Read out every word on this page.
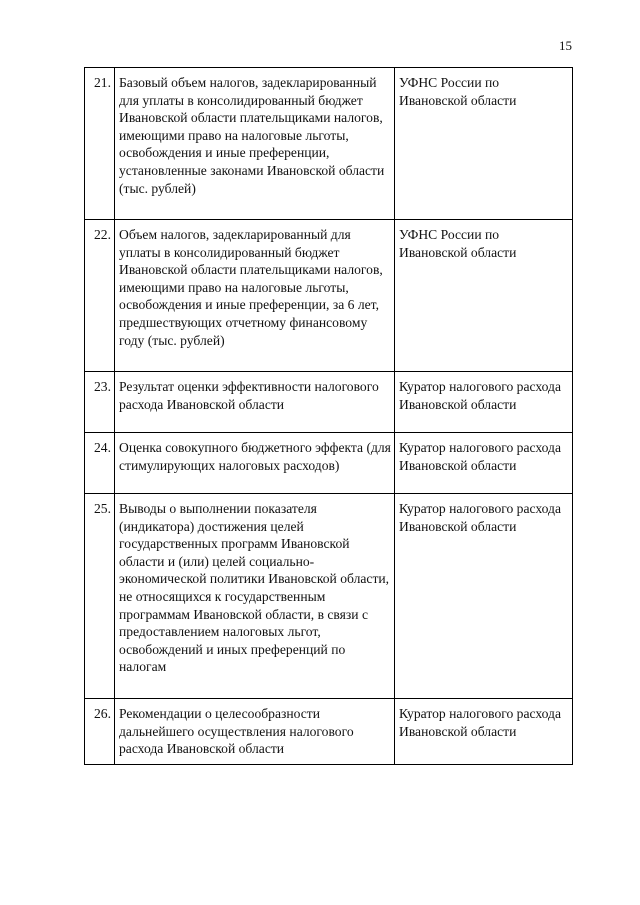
15
21.	Базовый объем налогов, задекларированный для уплаты в консолидированный бюджет Ивановской области плательщиками налогов, имеющими право на налоговые льготы, освобождения и иные преференции, установленные законами Ивановской области (тыс. рублей)	УФНС России по Ивановской области
22.	Объем налогов, задекларированный для уплаты в консолидированный бюджет Ивановской области плательщиками налогов, имеющими право на налоговые льготы, освобождения и иные преференции, за 6 лет, предшествующих отчетному финансовому году (тыс. рублей)	УФНС России по Ивановской области
23.	Результат оценки эффективности налогового расхода Ивановской области	Куратор налогового расхода Ивановской области
24.	Оценка совокупного бюджетного эффекта (для стимулирующих налоговых расходов)	Куратор налогового расхода Ивановской области
25.	Выводы о выполнении показателя (индикатора) достижения целей государственных программ Ивановской области и (или) целей социально-экономической политики Ивановской области, не относящихся к государственным программам Ивановской области, в связи с предоставлением налоговых льгот, освобождений и иных преференций по налогам	Куратор налогового расхода Ивановской области
26.	Рекомендации о целесообразности дальнейшего осуществления налогового расхода Ивановской области	Куратор налогового расхода Ивановской области
